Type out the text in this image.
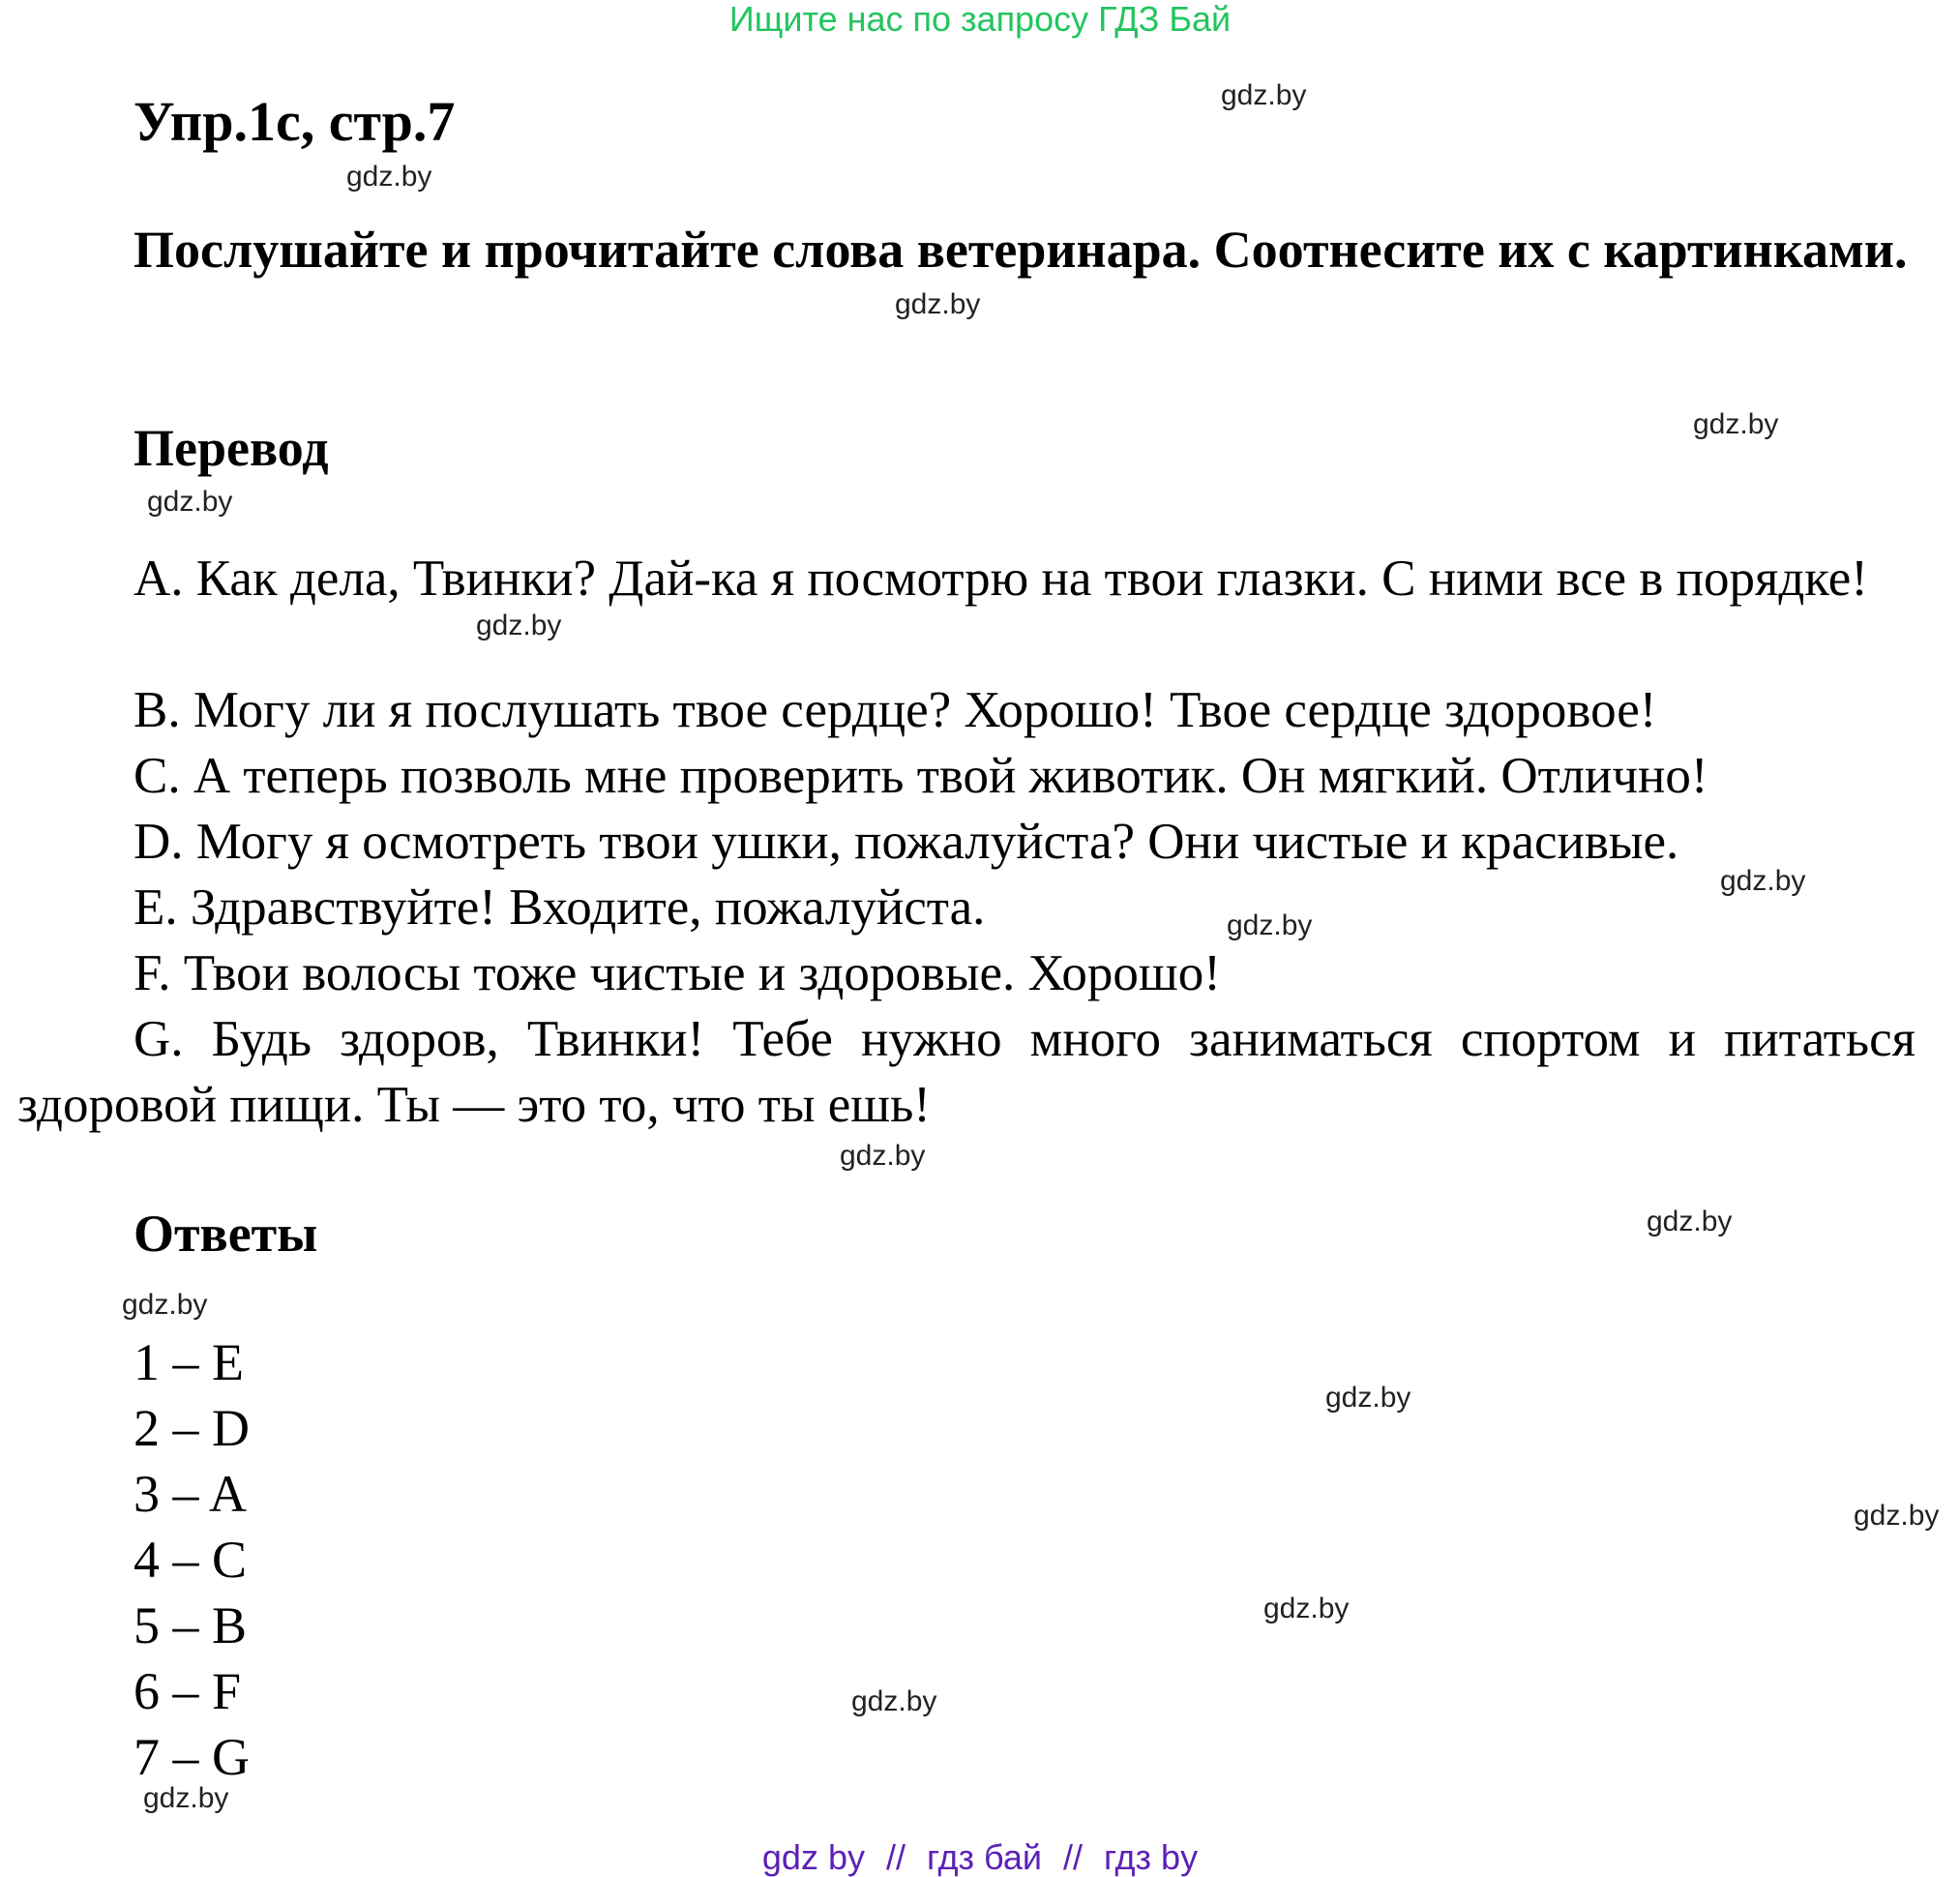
Ищите нас по запросу ГДЗ Бай
Упр.1c, стр.7
Послушайте и прочитайте слова ветеринара. Соотнесите их с картинками.
Перевод
A. Как дела, Твинки? Дай-ка я посмотрю на твои глазки. С ними все в порядке!
B. Могу ли я послушать твое сердце? Хорошо! Твое сердце здоровое!
C. А теперь позволь мне проверить твой животик. Он мягкий. Отлично!
D. Могу я осмотреть твои ушки, пожалуйста? Они чистые и красивые.
E. Здравствуйте! Входите, пожалуйста.
F. Твои волосы тоже чистые и здоровые. Хорошо!
G. Будь здоров, Твинки! Тебе нужно много заниматься спортом и питаться здоровой пищи. Ты — это то, что ты ешь!
Ответы
1 – E
2 – D
3 – A
4 – C
5 – B
6 – F
7 – G
gdz.by
gdz.by
gdz.by
gdz.by
gdz.by
gdz.by
gdz.by
gdz.by
gdz.by
gdz.by
gdz.by
gdz.by
gdz.by
gdz.by
gdz.by
gdz.by
gdz by // гдз бай // гдз by
